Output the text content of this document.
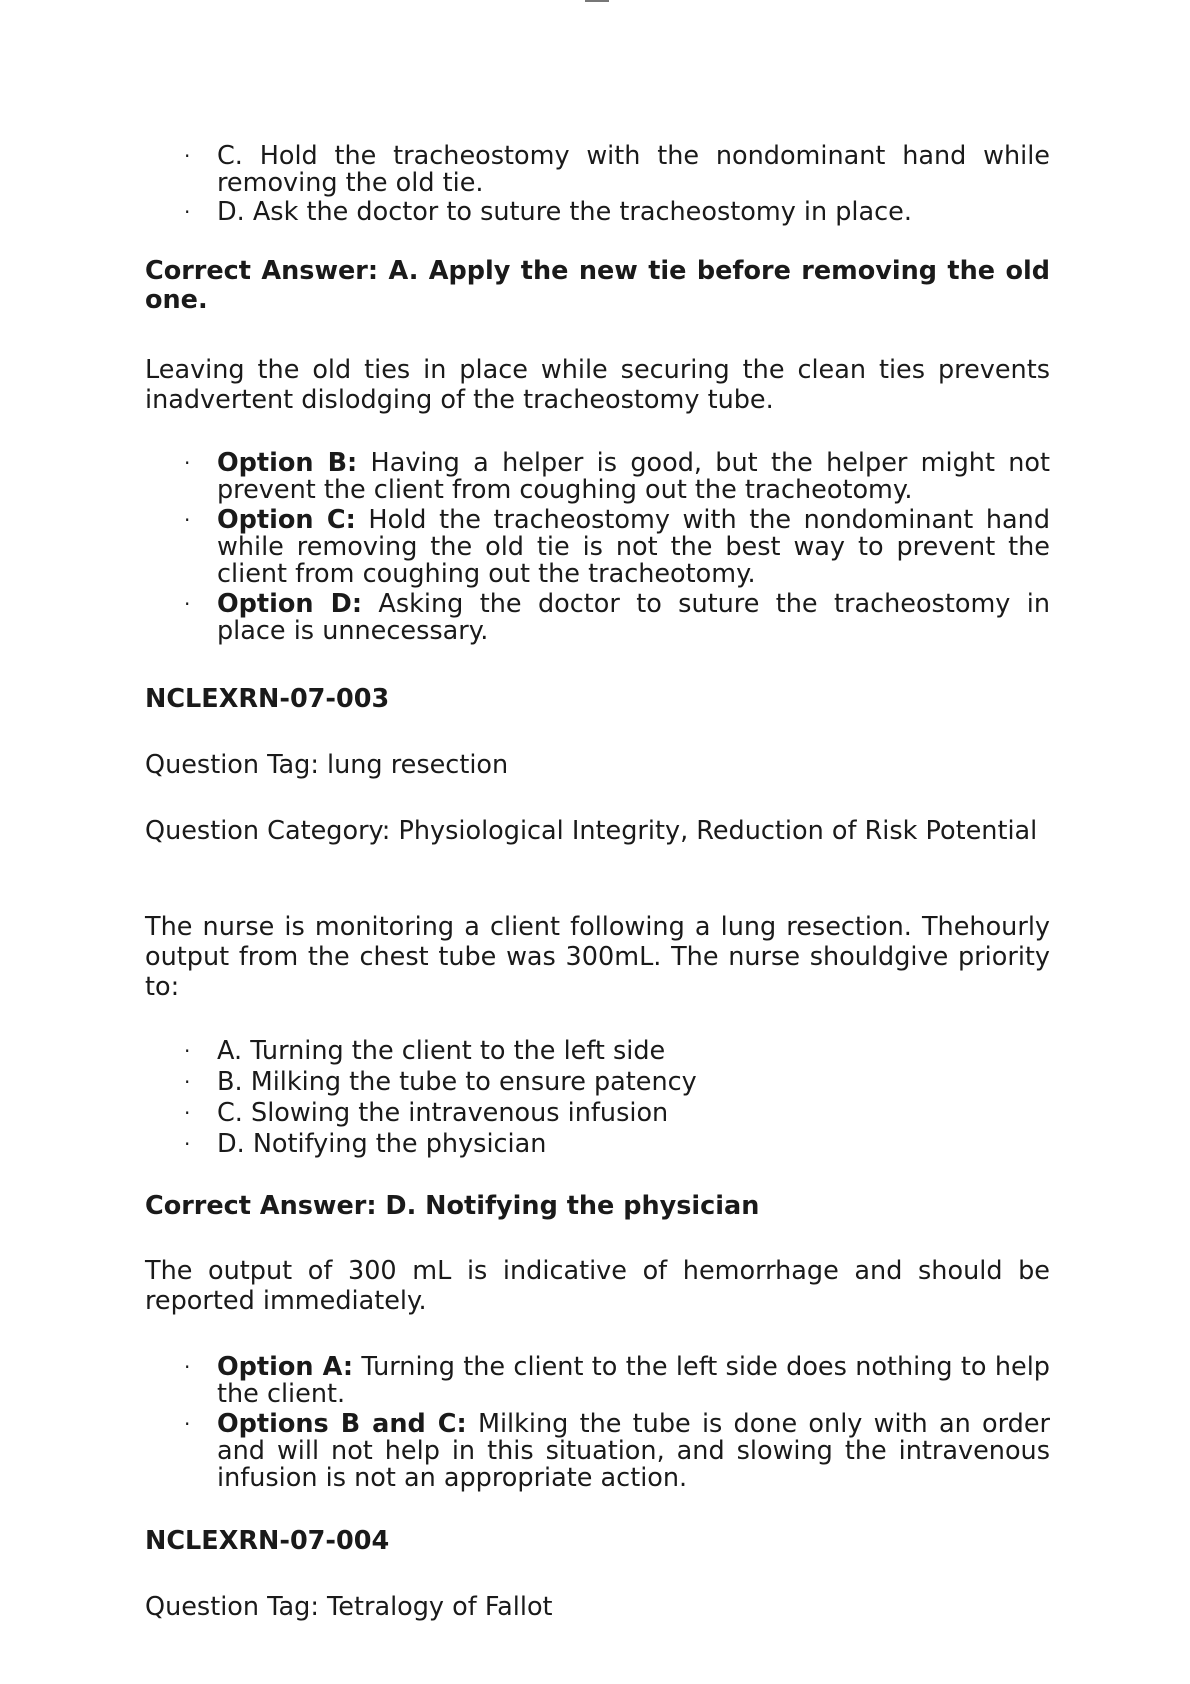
· C. Hold the tracheostomy with the nondominant hand while removing the old tie.
· D. Ask the doctor to suture the tracheostomy in place.
Correct Answer: A. Apply the new tie before removing the old one.
Leaving the old ties in place while securing the clean ties prevents inadvertent dislodging of the tracheostomy tube.
· Option B: Having a helper is good, but the helper might not prevent the client from coughing out the tracheotomy.
· Option C: Hold the tracheostomy with the nondominant hand while removing the old tie is not the best way to prevent the client from coughing out the tracheotomy.
· Option D: Asking the doctor to suture the tracheostomy in place is unnecessary.
NCLEXRN-07-003
Question Tag: lung resection
Question Category: Physiological Integrity, Reduction of Risk Potential
The nurse is monitoring a client following a lung resection. Thehourly output from the chest tube was 300mL. The nurse shouldgive priority to:
· A. Turning the client to the left side
· B. Milking the tube to ensure patency
· C. Slowing the intravenous infusion
· D. Notifying the physician
Correct Answer: D. Notifying the physician
The output of 300 mL is indicative of hemorrhage and should be reported immediately.
· Option A: Turning the client to the left side does nothing to help the client.
· Options B and C: Milking the tube is done only with an order and will not help in this situation, and slowing the intravenous infusion is not an appropriate action.
NCLEXRN-07-004
Question Tag: Tetralogy of Fallot
